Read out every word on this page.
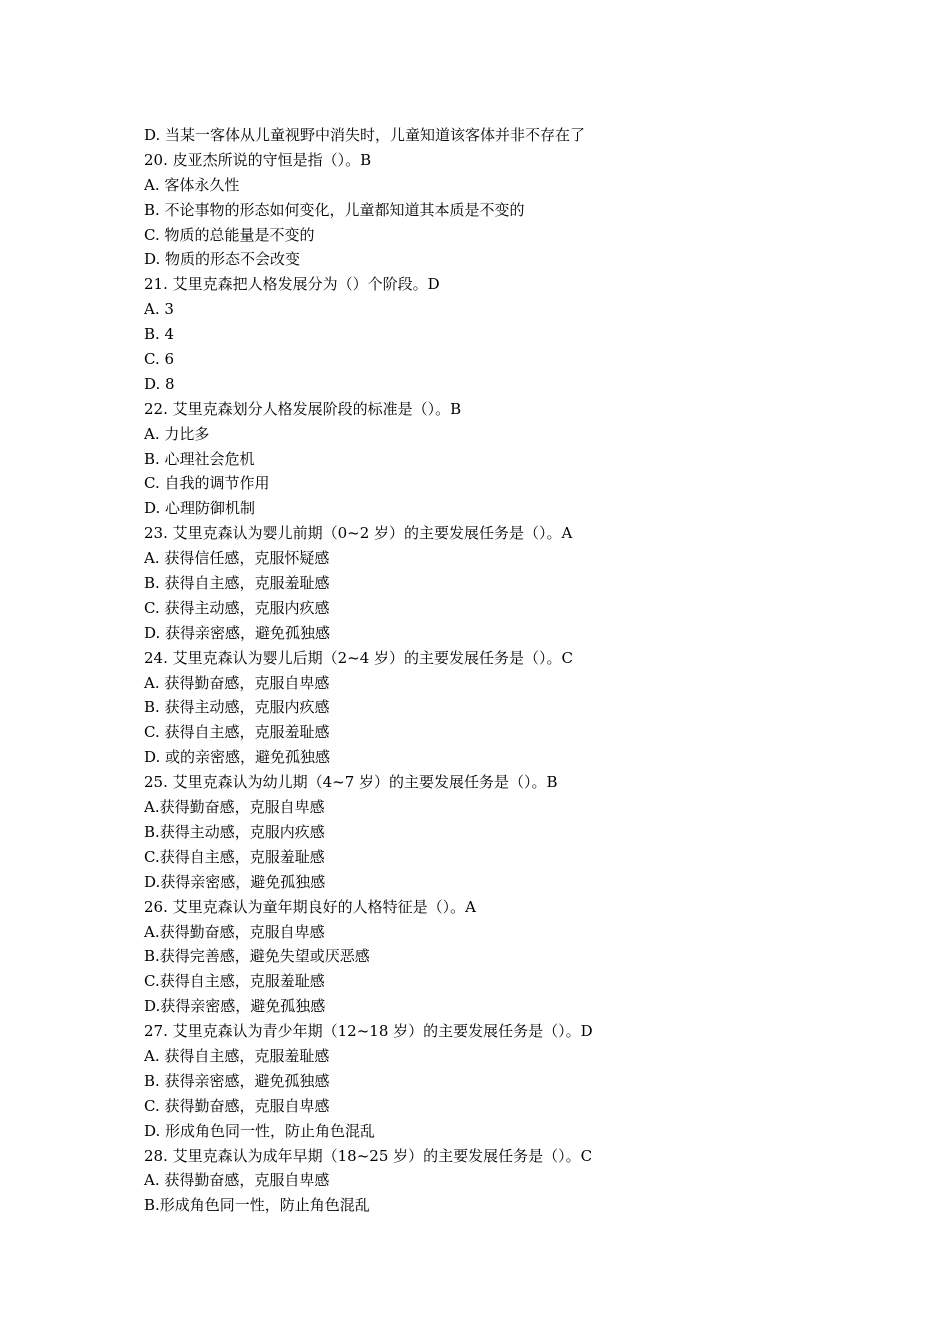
D. 当某一客体从儿童视野中消失时，儿童知道该客体并非不存在了
20. 皮亚杰所说的守恒是指（）。B
A. 客体永久性
B. 不论事物的形态如何变化，儿童都知道其本质是不变的
C. 物质的总能量是不变的
D. 物质的形态不会改变
21. 艾里克森把人格发展分为（）个阶段。D
A. 3
B. 4
C. 6
D. 8
22. 艾里克森划分人格发展阶段的标准是（）。B
A. 力比多
B. 心理社会危机
C. 自我的调节作用
D. 心理防御机制
23. 艾里克森认为婴儿前期（0~2 岁）的主要发展任务是（）。A
A. 获得信任感，克服怀疑感
B. 获得自主感，克服羞耻感
C. 获得主动感，克服内疚感
D. 获得亲密感，避免孤独感
24. 艾里克森认为婴儿后期（2~4 岁）的主要发展任务是（）。C
A. 获得勤奋感，克服自卑感
B. 获得主动感，克服内疚感
C. 获得自主感，克服羞耻感
D. 或的亲密感，避免孤独感
25. 艾里克森认为幼儿期（4~7 岁）的主要发展任务是（）。B
A.获得勤奋感，克服自卑感
B.获得主动感，克服内疚感
C.获得自主感，克服羞耻感
D.获得亲密感，避免孤独感
26. 艾里克森认为童年期良好的人格特征是（）。A
A.获得勤奋感，克服自卑感
B.获得完善感，避免失望或厌恶感
C.获得自主感，克服羞耻感
D.获得亲密感，避免孤独感
27. 艾里克森认为青少年期（12~18 岁）的主要发展任务是（）。D
A. 获得自主感，克服羞耻感
B. 获得亲密感，避免孤独感
C. 获得勤奋感，克服自卑感
D. 形成角色同一性，防止角色混乱
28. 艾里克森认为成年早期（18~25 岁）的主要发展任务是（）。C
A. 获得勤奋感，克服自卑感
B.形成角色同一性，防止角色混乱
